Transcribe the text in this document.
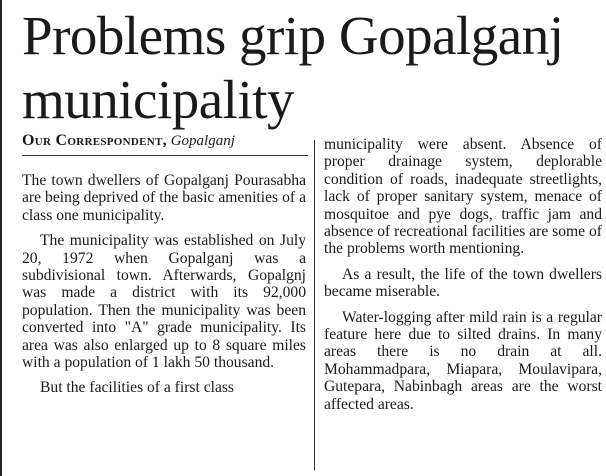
Problems grip Gopalganj municipality
Our Correspondent, Gopalganj

The town dwellers of Gopalganj Pourasabha are being deprived of the basic amenities of a class one municipality.

The municipality was established on July 20, 1972 when Gopalganj was a subdivisional town. Afterwards, Gopalgnj was made a district with its 92,000 population. Then the municipality was been converted into "A" grade municipality. Its area was also enlarged up to 8 square miles with a population of 1 lakh 50 thousand.

But the facilities of a first class

municipality were absent. Absence of proper drainage system, deplorable condition of roads, inadequate streetlights, lack of proper sanitary system, menace of mosquitoe and pye dogs, traffic jam and absence of recreational facilities are some of the problems worth mentioning.

As a result, the life of the town dwellers became miserable.

Water-logging after mild rain is a regular feature here due to silted drains. In many areas there is no drain at all. Mohammadpara, Miapara, Moulavipara, Gutepara, Nabinbagh areas are the worst affected areas.
